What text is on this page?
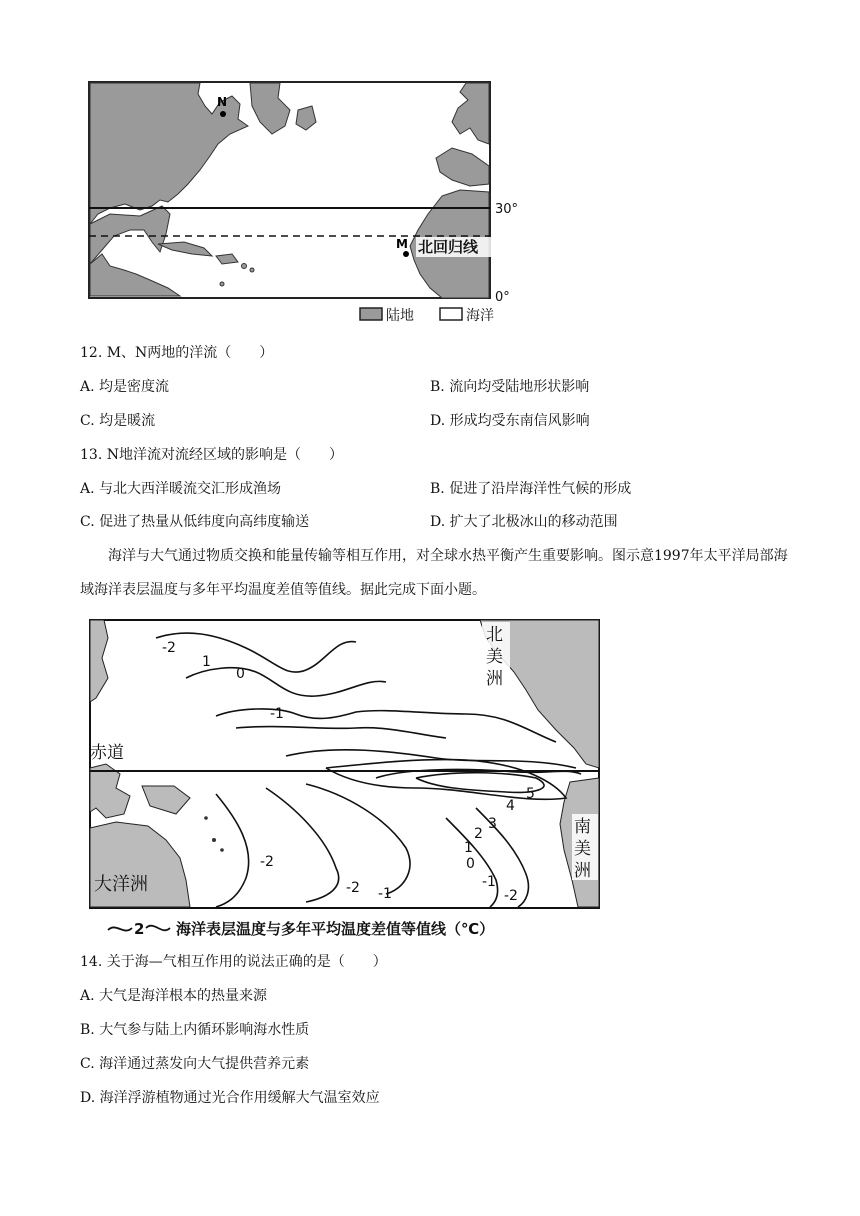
N
M 北回归线
30°
0°
陆地	海洋
12. M、N两地的洋流（　　）
A. 均是密度流	B. 流向均受陆地形状影响
C. 均是暖流	D. 形成均受东南信风影响
13. N地洋流对流经区域的影响是（　　）
A. 与北大西洋暖流交汇形成渔场	B. 促进了沿岸海洋性气候的形成
C. 促进了热量从低纬度向高纬度输送	D. 扩大了北极冰山的移动范围
海洋与大气通过物质交换和能量传输等相互作用，对全球水热平衡产生重要影响。图示意1997年太平洋局部海域海洋表层温度与多年平均温度差值等值线。据此完成下面小题。
-2
1
0
-1
5
4
3
2
1
0
-1
-2
-2 -1
-2
北
美
洲
南
美
洲
大洋洲
赤道
2 海洋表层温度与多年平均温度差值等值线（℃）
14. 关于海—气相互作用的说法正确的是（　　）
A. 大气是海洋根本的热量来源
B. 大气参与陆上内循环影响海水性质
C. 海洋通过蒸发向大气提供营养元素
D. 海洋浮游植物通过光合作用缓解大气温室效应
